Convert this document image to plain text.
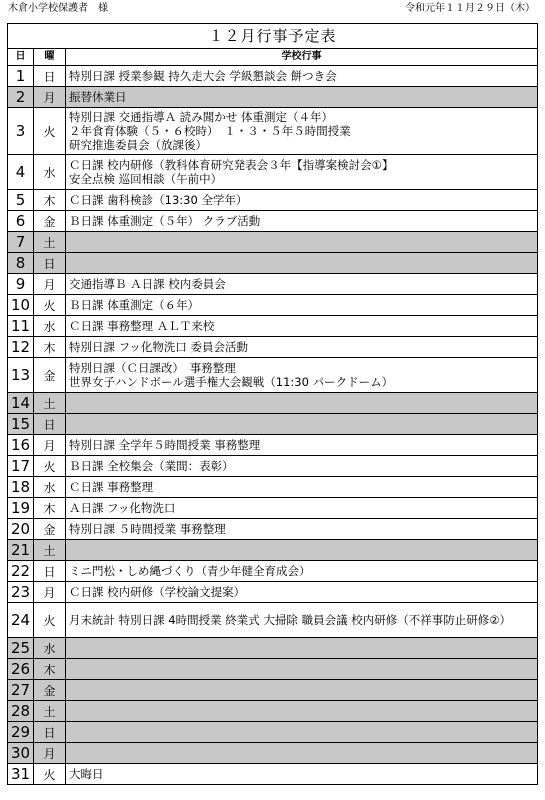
木倉小学校保護者　様	令和元年１１月２９日（木）
１２月行事予定表
日	曜	学校行事
1	日	特別日課 授業参観 持久走大会 学級懇談会 餅つき会

2	月	振替休業日

3	火	特別日課 交通指導Ａ 読み聞かせ 体重測定（４年）
２年食育体験（５・６校時）　１・３・５年５時間授業
研究推進委員会（放課後）

4	水	Ｃ日課 校内研修（教科体育研究発表会３年【指導案検討会①】
安全点検 巡回相談（午前中）

5	木	Ｃ日課 歯科検診（13:30 全学年）

6	金	Ｂ日課 体重測定（５年） クラブ活動

7	土	
8	日	
9	月	交通指導Ｂ Ａ日課 校内委員会

10	火	Ｂ日課 体重測定（６年）

11	水	Ｃ日課 事務整理 ＡＬＴ来校

12	木	特別日課 フッ化物洗口 委員会活動

13	金	特別日課（Ｃ日課改）　事務整理
世界女子ハンドボール選手権大会観戦（11:30 パークドーム）

14	土	
15	日	
16	月	特別日課 全学年５時間授業 事務整理

17	火	Ｂ日課 全校集会（業間：表彰）

18	水	Ｃ日課 事務整理

19	木	Ａ日課 フッ化物洗口

20	金	特別日課 ５時間授業 事務整理

21	土	
22	日	ミニ門松・しめ縄づくり（青少年健全育成会）

23	月	Ｃ日課 校内研修（学校論文提案）

24	火	月末統計 特別日課 4時間授業 終業式 大掃除 職員会議 校内研修（不祥事防止研修②）
25	水	
26	木	
27	金	
28	土	
29	日	
30	月	
31	火	大晦日
